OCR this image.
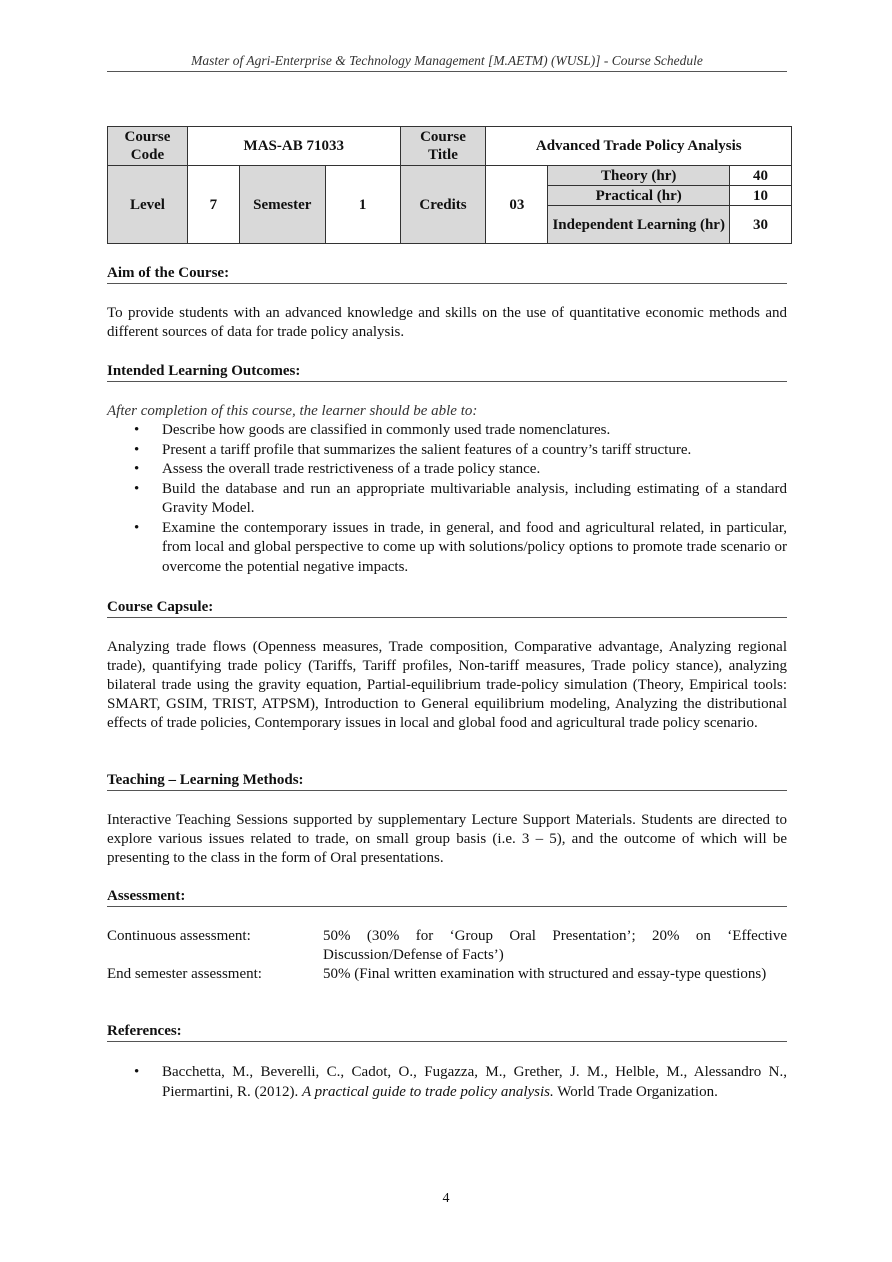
Master of Agri-Enterprise & Technology Management [M.AETM) (WUSL)] - Course Schedule
Course Code	MAS-AB 71033			Course Title	Advanced Trade Policy Analysis		
Level	7	Semester	1	Credits	03	Theory (hr)	40
						Practical (hr)	10
						Independent Learning (hr)	30
Aim of the Course:
To provide students with an advanced knowledge and skills on the use of quantitative economic methods and different sources of data for trade policy analysis.
Intended Learning Outcomes:
After completion of this course, the learner should be able to:
• Describe how goods are classified in commonly used trade nomenclatures.
• Present a tariff profile that summarizes the salient features of a country’s tariff structure.
• Assess the overall trade restrictiveness of a trade policy stance.
• Build the database and run an appropriate multivariable analysis, including estimating of a standard Gravity Model.
• Examine the contemporary issues in trade, in general, and food and agricultural related, in particular, from local and global perspective to come up with solutions/policy options to promote trade scenario or overcome the potential negative impacts.
Course Capsule:
Analyzing trade flows (Openness measures, Trade composition, Comparative advantage, Analyzing regional trade), quantifying trade policy (Tariffs, Tariff profiles, Non-tariff measures, Trade policy stance), analyzing bilateral trade using the gravity equation, Partial-equilibrium trade-policy simulation (Theory, Empirical tools: SMART, GSIM, TRIST, ATPSM), Introduction to General equilibrium modeling, Analyzing the distributional effects of trade policies, Contemporary issues in local and global food and agricultural trade policy scenario.
Teaching – Learning Methods:
Interactive Teaching Sessions supported by supplementary Lecture Support Materials. Students are directed to explore various issues related to trade, on small group basis (i.e. 3 – 5), and the outcome of which will be presenting to the class in the form of Oral presentations.
Assessment:
Continuous assessment:	50% (30% for ‘Group Oral Presentation’; 20% on ‘Effective Discussion/Defense of Facts’)
End semester assessment:	50% (Final written examination with structured and essay-type questions)
References:
• Bacchetta, M., Beverelli, C., Cadot, O., Fugazza, M., Grether, J. M., Helble, M., Alessandro N., Piermartini, R. (2012). A practical guide to trade policy analysis. World Trade Organization.
4
